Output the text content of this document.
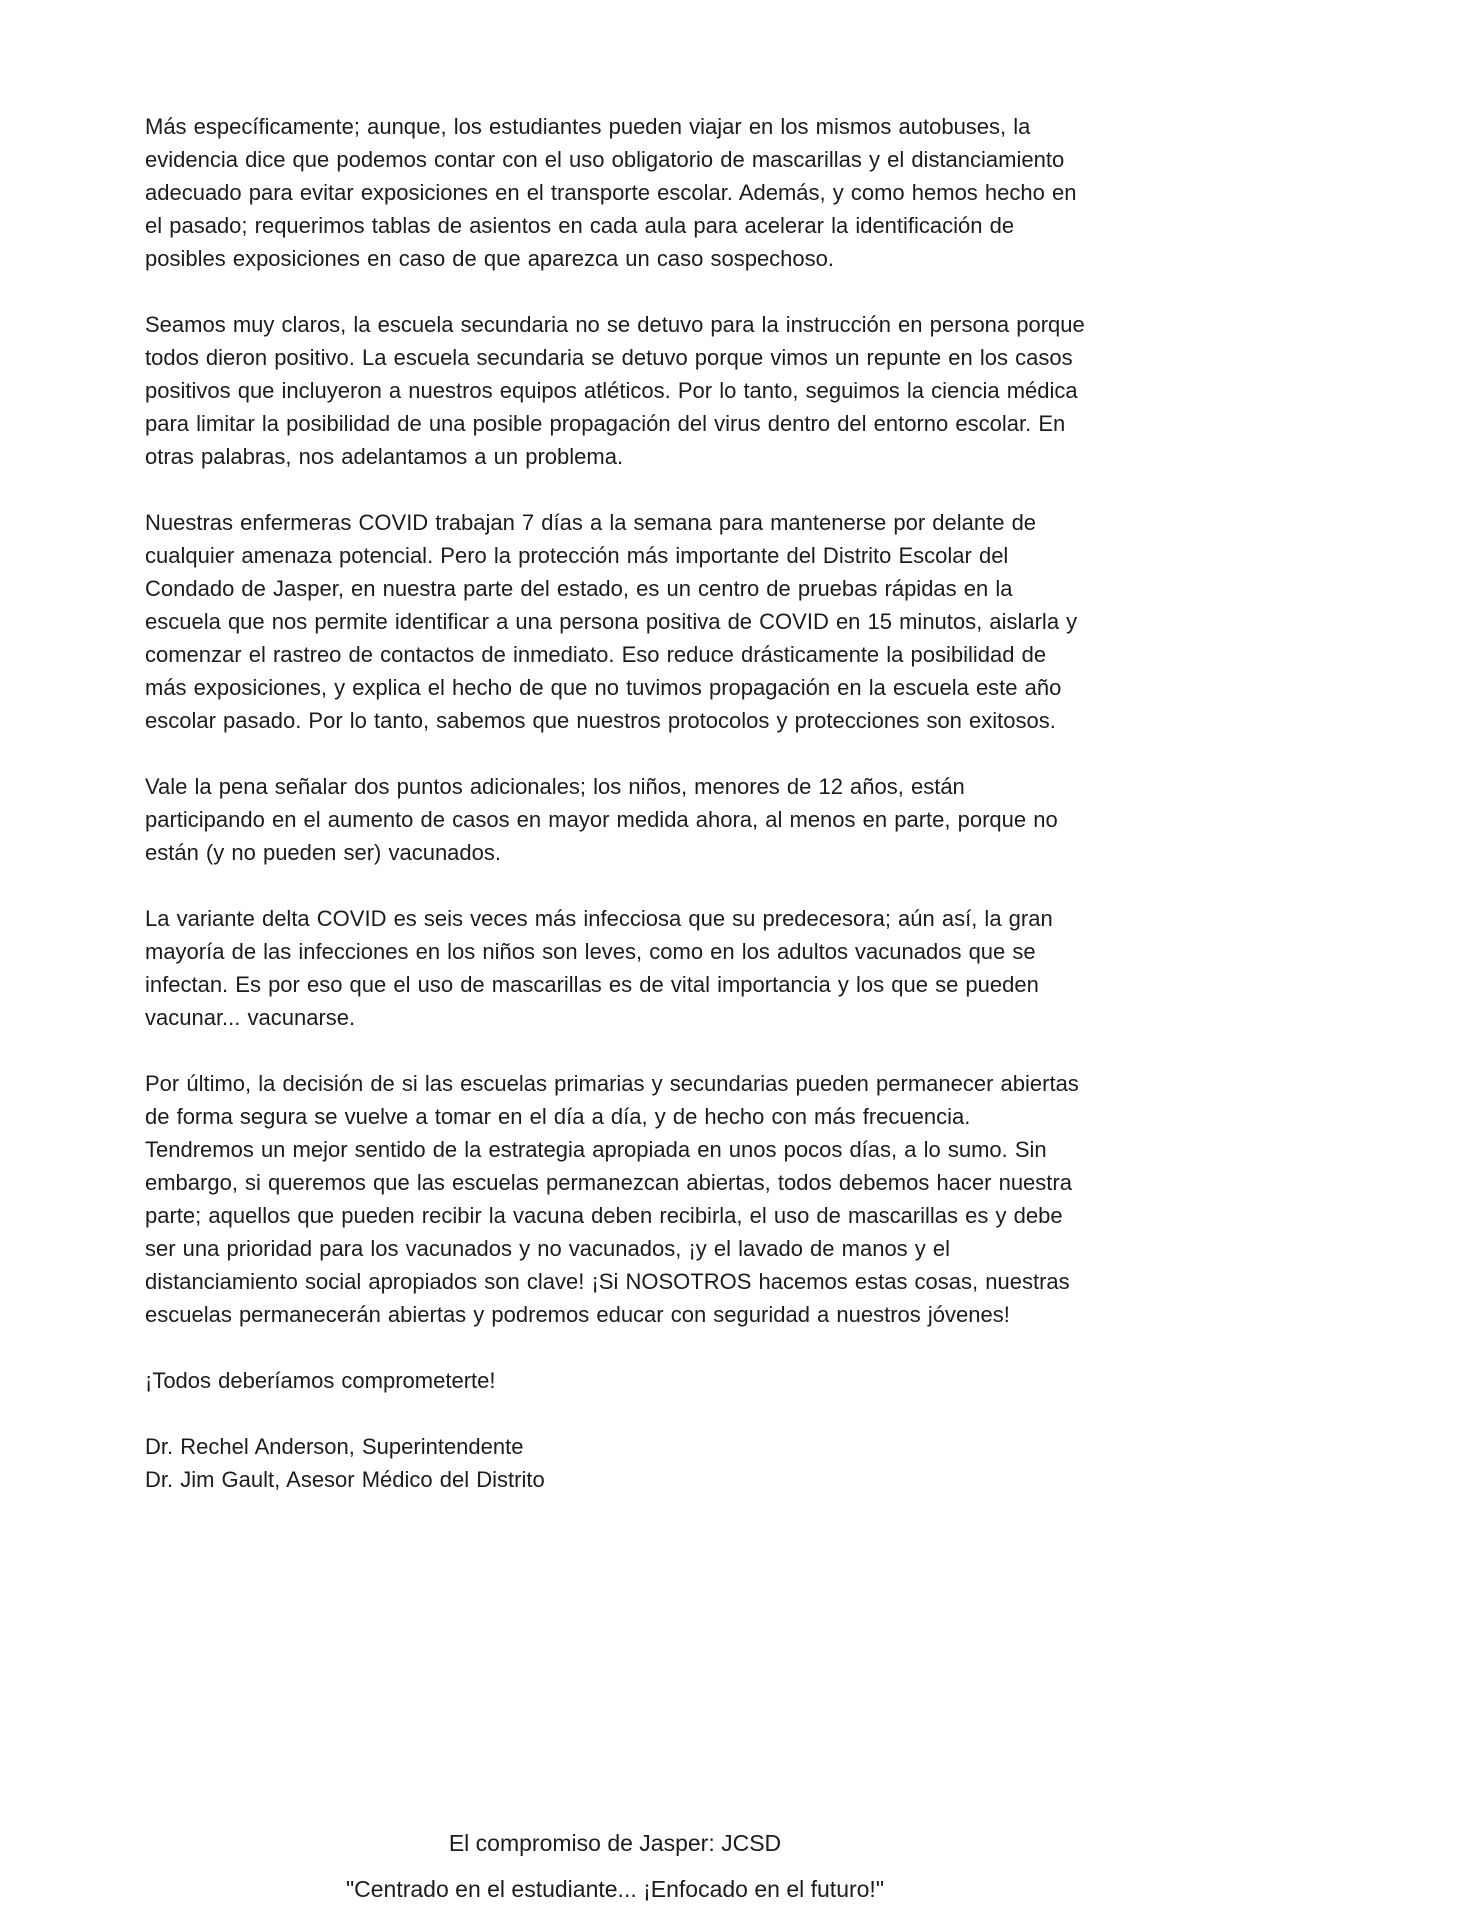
Más específicamente; aunque, los estudiantes pueden viajar en los mismos autobuses, la evidencia dice que podemos contar con el uso obligatorio de mascarillas y el distanciamiento adecuado para evitar exposiciones en el transporte escolar. Además, y como hemos hecho en el pasado; requerimos tablas de asientos en cada aula para acelerar la identificación de posibles exposiciones en caso de que aparezca un caso sospechoso.

Seamos muy claros, la escuela secundaria no se detuvo para la instrucción en persona porque todos dieron positivo. La escuela secundaria se detuvo porque vimos un repunte en los casos positivos que incluyeron a nuestros equipos atléticos. Por lo tanto, seguimos la ciencia médica para limitar la posibilidad de una posible propagación del virus dentro del entorno escolar. En otras palabras, nos adelantamos a un problema.

Nuestras enfermeras COVID trabajan 7 días a la semana para mantenerse por delante de cualquier amenaza potencial. Pero la protección más importante del Distrito Escolar del Condado de Jasper, en nuestra parte del estado, es un centro de pruebas rápidas en la escuela que nos permite identificar a una persona positiva de COVID en 15 minutos, aislarla y comenzar el rastreo de contactos de inmediato. Eso reduce drásticamente la posibilidad de más exposiciones, y explica el hecho de que no tuvimos propagación en la escuela este año escolar pasado. Por lo tanto, sabemos que nuestros protocolos y protecciones son exitosos.

Vale la pena señalar dos puntos adicionales; los niños, menores de 12 años, están participando en el aumento de casos en mayor medida ahora, al menos en parte, porque no están (y no pueden ser) vacunados.

La variante delta COVID es seis veces más infecciosa que su predecesora; aún así, la gran mayoría de las infecciones en los niños son leves, como en los adultos vacunados que se infectan. Es por eso que el uso de mascarillas es de vital importancia y los que se pueden vacunar... vacunarse.

Por último, la decisión de si las escuelas primarias y secundarias pueden permanecer abiertas de forma segura se vuelve a tomar en el día a día, y de hecho con más frecuencia. Tendremos un mejor sentido de la estrategia apropiada en unos pocos días, a lo sumo. Sin embargo, si queremos que las escuelas permanezcan abiertas, todos debemos hacer nuestra parte; aquellos que pueden recibir la vacuna deben recibirla, el uso de mascarillas es y debe ser una prioridad para los vacunados y no vacunados, ¡y el lavado de manos y el distanciamiento social apropiados son clave! ¡Si NOSOTROS hacemos estas cosas, nuestras escuelas permanecerán abiertas y podremos educar con seguridad a nuestros jóvenes!

¡Todos deberíamos comprometerte!

Dr. Rechel Anderson, Superintendente

Dr. Jim Gault, Asesor Médico del Distrito

El compromiso de Jasper: JCSD
"Centrado en el estudiante... ¡Enfocado en el futuro!"
